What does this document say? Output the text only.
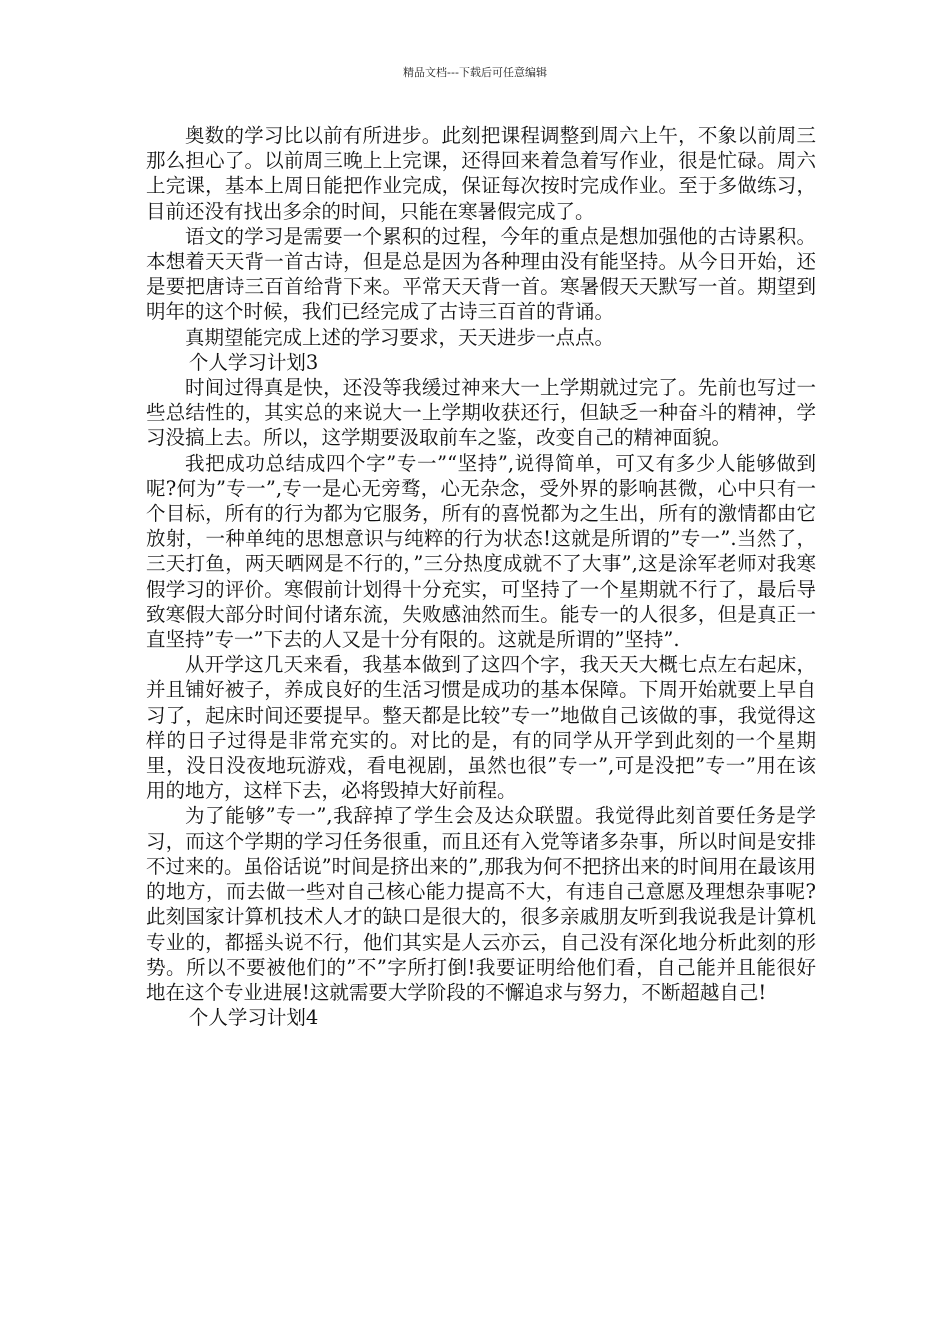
精品文档---下载后可任意编辑

奥数的学习比以前有所进步。此刻把课程调整到周六上午，不象以前周三那么担心了。以前周三晚上上完课，还得回来着急着写作业，很是忙碌。周六上完课，基本上周日能把作业完成，保证每次按时完成作业。至于多做练习，目前还没有找出多余的时间，只能在寒暑假完成了。

语文的学习是需要一个累积的过程，今年的重点是想加强他的古诗累积。本想着天天背一首古诗，但是总是因为各种理由没有能坚持。从今日开始，还是要把唐诗三百首给背下来。平常天天背一首。寒暑假天天默写一首。期望到明年的这个时候，我们已经完成了古诗三百首的背诵。

真期望能完成上述的学习要求，天天进步一点点。

个人学习计划3

时间过得真是快，还没等我缓过神来大一上学期就过完了。先前也写过一些总结性的，其实总的来说大一上学期收获还行，但缺乏一种奋斗的精神，学习没搞上去。所以，这学期要汲取前车之鉴，改变自己的精神面貌。

我把成功总结成四个字”专一”“坚持”,说得简单，可又有多少人能够做到呢?何为”专一”,专一是心无旁骛，心无杂念，受外界的影响甚微，心中只有一个目标，所有的行为都为它服务，所有的喜悦都为之生出，所有的激情都由它放射，一种单纯的思想意识与纯粹的行为状态!这就是所谓的”专一”.当然了，三天打鱼，两天晒网是不行的，”三分热度成就不了大事”,这是涂军老师对我寒假学习的评价。寒假前计划得十分充实，可坚持了一个星期就不行了，最后导致寒假大部分时间付诸东流，失败感油然而生。能专一的人很多，但是真正一直坚持”专一”下去的人又是十分有限的。这就是所谓的”坚持”.

从开学这几天来看，我基本做到了这四个字，我天天大概七点左右起床，并且铺好被子，养成良好的生活习惯是成功的基本保障。下周开始就要上早自习了，起床时间还要提早。整天都是比较”专一”地做自己该做的事，我觉得这样的日子过得是非常充实的。对比的是，有的同学从开学到此刻的一个星期里，没日没夜地玩游戏，看电视剧，虽然也很”专一”,可是没把”专一”用在该用的地方，这样下去，必将毁掉大好前程。

为了能够”专一”,我辞掉了学生会及达众联盟。我觉得此刻首要任务是学习，而这个学期的学习任务很重，而且还有入党等诸多杂事，所以时间是安排不过来的。虽俗话说”时间是挤出来的”,那我为何不把挤出来的时间用在最该用的地方，而去做一些对自己核心能力提高不大，有违自己意愿及理想杂事呢?此刻国家计算机技术人才的缺口是很大的，很多亲戚朋友听到我说我是计算机专业的，都摇头说不行，他们其实是人云亦云，自己没有深化地分析此刻的形势。所以不要被他们的”不”字所打倒!我要证明给他们看，自己能并且能很好地在这个专业进展!这就需要大学阶段的不懈追求与努力，不断超越自己!

个人学习计划4
